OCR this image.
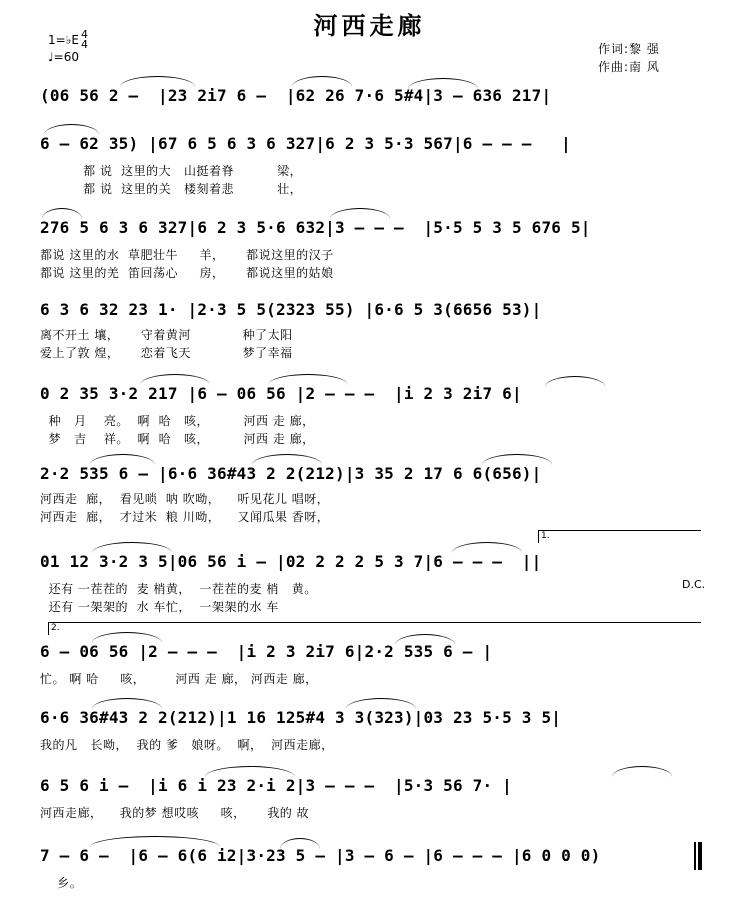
河西走廊
1= ♭E 4
4
♩=60
作词:黎 强
作曲:南 风
(06 56 2 –  |23 2i7 6 –  |62 26 7·6 5#4|3 – 636 217|
6 – 62 35) |67 6 5 6 3 6 327|6 2 3 5·3 567|6 – – –   |
都 说  这里的大   山挺着脊          梁，
都 说  这里的关   楼刻着悲          壮，
276 5 6 3 6 327|6 2 3 5·6 632|3 – – –  |5·5 5 3 5 676 5|
都说 这里的水  草肥壮牛     羊，     都说这里的汉子
都说 这里的羌  笛回荡心     房，     都说这里的姑娘
6 3 6 32 23 1· |2·3 5 5(2323 55) |6·6 5 3(6656 53)|
离不开土 壤，     守着黄河            种了太阳
爱上了敦 煌，     恋着飞天            梦了幸福
0 2 35 3·2 217 |6 – 06 56 |2 – – –  |i 2 3 2i7 6|
种   月    亮。  啊  哈   咳，        河西 走 廊，
梦   吉    祥。  啊  哈   咳，        河西 走 廊，
2·2 535 6 – |6·6 36#43 2 2(212)|3 35 2 17 6 6(656)|
河西走  廊，  看见唢  呐 吹呦，    听见花儿 唱呀，
河西走  廊，  才过米  粮 川呦，    又闻瓜果 香呀，
1.
01 12 3·2 3 5|06 56 i – |02 2 2 2 5 3 7|6 – – –  ||
D.C.
还有 一茬茬的  麦 梢黄，  一茬茬的麦 梢   黄。
还有 一架架的  水 车忙，  一架架的水 车
2.
6 – 06 56 |2 – – –  |i 2 3 2i7 6|2·2 535 6 – |
忙。 啊 哈     咳，       河西 走 廊， 河西走 廊，
6·6 36#43 2 2(212)|1 16 125#4 3 3(323)|03 23 5·5 3 5|
我的凡   长呦，  我的 爹   娘呀。  啊，  河西走廊，
6 5 6 i –  |i 6 i 23 2·i 2|3 – – –  |5·3 56 7· |
河西走廊，    我的梦 想哎咳     咳，     我的 故
7 – 6 –  |6 – 6(6 i2|3·23 5 – |3 – 6 – |6 – – – |6 0 0 0)
乡。
